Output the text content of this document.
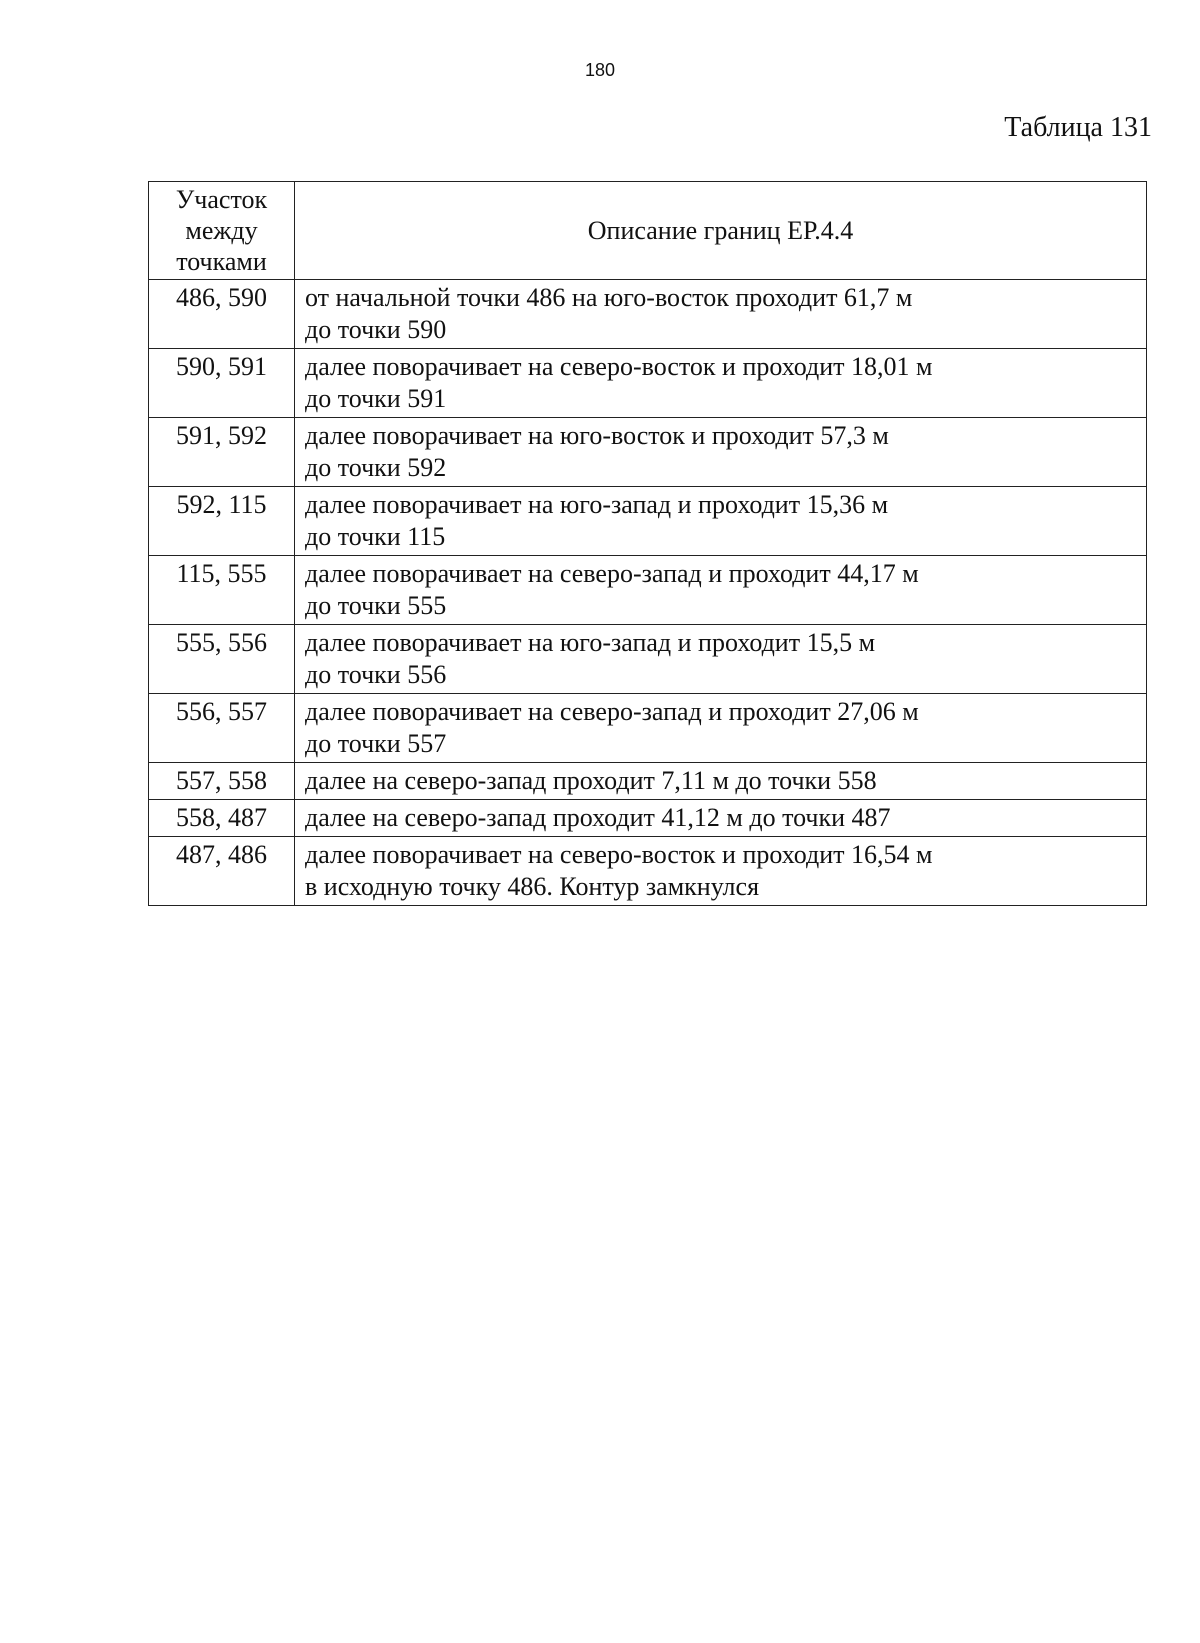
180
Таблица 131
Участок
между
точками	Описание границ ЕР.4.4
486, 590	от начальной точки 486 на юго-восток проходит 61,7 м
до точки 590
590, 591	далее поворачивает на северо-восток и проходит 18,01 м
до точки 591
591, 592	далее поворачивает на юго-восток и проходит 57,3 м
до точки 592
592, 115	далее поворачивает на юго-запад и проходит 15,36 м
до точки 115
115, 555	далее поворачивает на северо-запад и проходит 44,17 м
до точки 555
555, 556	далее поворачивает на юго-запад и проходит 15,5 м
до точки 556
556, 557	далее поворачивает на северо-запад и проходит 27,06 м
до точки 557
557, 558	далее на северо-запад проходит 7,11 м до точки 558
558, 487	далее на северо-запад проходит 41,12 м до точки 487
487, 486	далее поворачивает на северо-восток и проходит 16,54 м
в исходную точку 486. Контур замкнулся
